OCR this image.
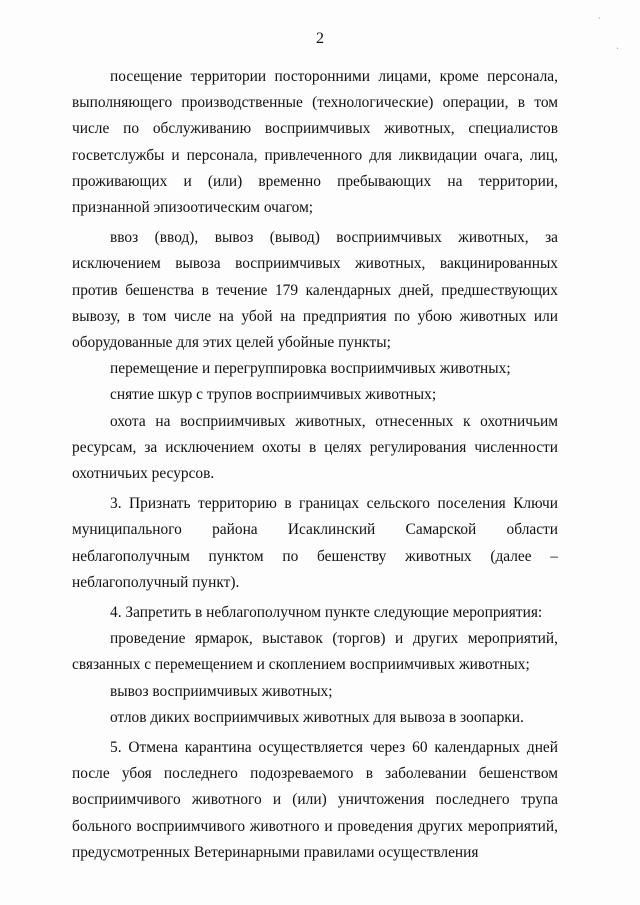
2

посещение территории посторонними лицами, кроме персонала, выполняющего производственные (технологические) операции, в том числе по обслуживанию восприимчивых животных, специалистов госветслужбы и персонала, привлеченного для ликвидации очага, лиц, проживающих и (или) временно пребывающих на территории, признанной эпизоотическим очагом;

ввоз (ввод), вывоз (вывод) восприимчивых животных, за исключением вывоза восприимчивых животных, вакцинированных против бешенства в течение 179 календарных дней, предшествующих вывозу, в том числе на убой на предприятия по убою животных или оборудованные для этих целей убойные пункты;

перемещение и перегруппировка восприимчивых животных;

снятие шкур с трупов восприимчивых животных;

охота на восприимчивых животных, отнесенных к охотничьим ресурсам, за исключением охоты в целях регулирования численности охотничьих ресурсов.

3. Признать территорию в границах сельского поселения Ключи муниципального района Исаклинский Самарской области неблагополучным пунктом по бешенству животных (далее – неблагополучный пункт).

4. Запретить в неблагополучном пункте следующие мероприятия:

проведение ярмарок, выставок (торгов) и других мероприятий, связанных с перемещением и скоплением восприимчивых животных;

вывоз восприимчивых животных;

отлов диких восприимчивых животных для вывоза в зоопарки.

5. Отмена карантина осуществляется через 60 календарных дней после убоя последнего подозреваемого в заболевании бешенством восприимчивого животного и (или) уничтожения последнего трупа больного восприимчивого животного и проведения других мероприятий, предусмотренных Ветеринарными правилами осуществления

·
ˎ
